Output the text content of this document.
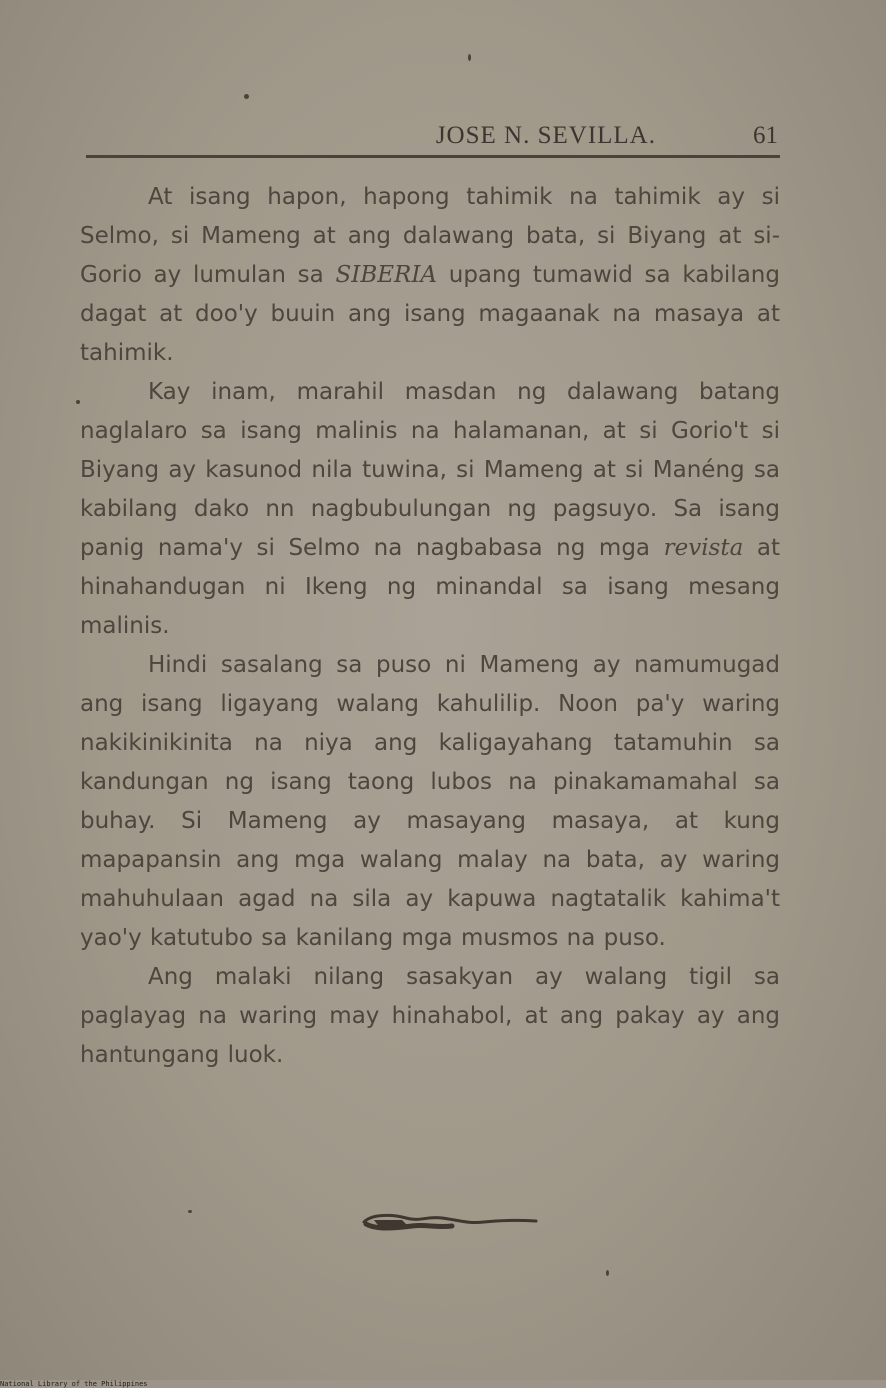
JOSE N. SEVILLA.	61

At isang hapon, hapong tahimik na tahimik ay si Selmo, si Mameng at ang dalawang bata, si Biyang at si-Gorio ay lumulan sa SIBERIA upang tumawid sa kabilang dagat at doo'y buuin ang isang magaanak na masaya at tahimik.

Kay inam, marahil masdan ng dalawang batang naglalaro sa isang malinis na halamanan, at si Gorio't si Biyang ay kasunod nila tuwina, si Mameng at si Manéng sa kabilang dako nn nagbubulungan ng pagsuyo. Sa isang panig nama'y si Selmo na nagbabasa ng mga revista at hinahandugan ni Ikeng ng minandal sa isang mesang malinis.

Hindi sasalang sa puso ni Mameng ay namumugad ang isang ligayang walang kahulilip. Noon pa'y waring nakikinikinita na niya ang kaligayahang tatamuhin sa kandungan ng isang taong lubos na pinakamamahal sa buhay. Si Mameng ay masayang masaya, at kung mapapansin ang mga walang malay na bata, ay waring mahuhulaan agad na sila ay kapuwa nagtatalik kahima't yao'y katutubo sa kanilang mga musmos na puso.

Ang malaki nilang sasakyan ay walang tigil sa paglayag na waring may hinahabol, at ang pakay ay ang hantungang luok.

National Library of the Philippines
